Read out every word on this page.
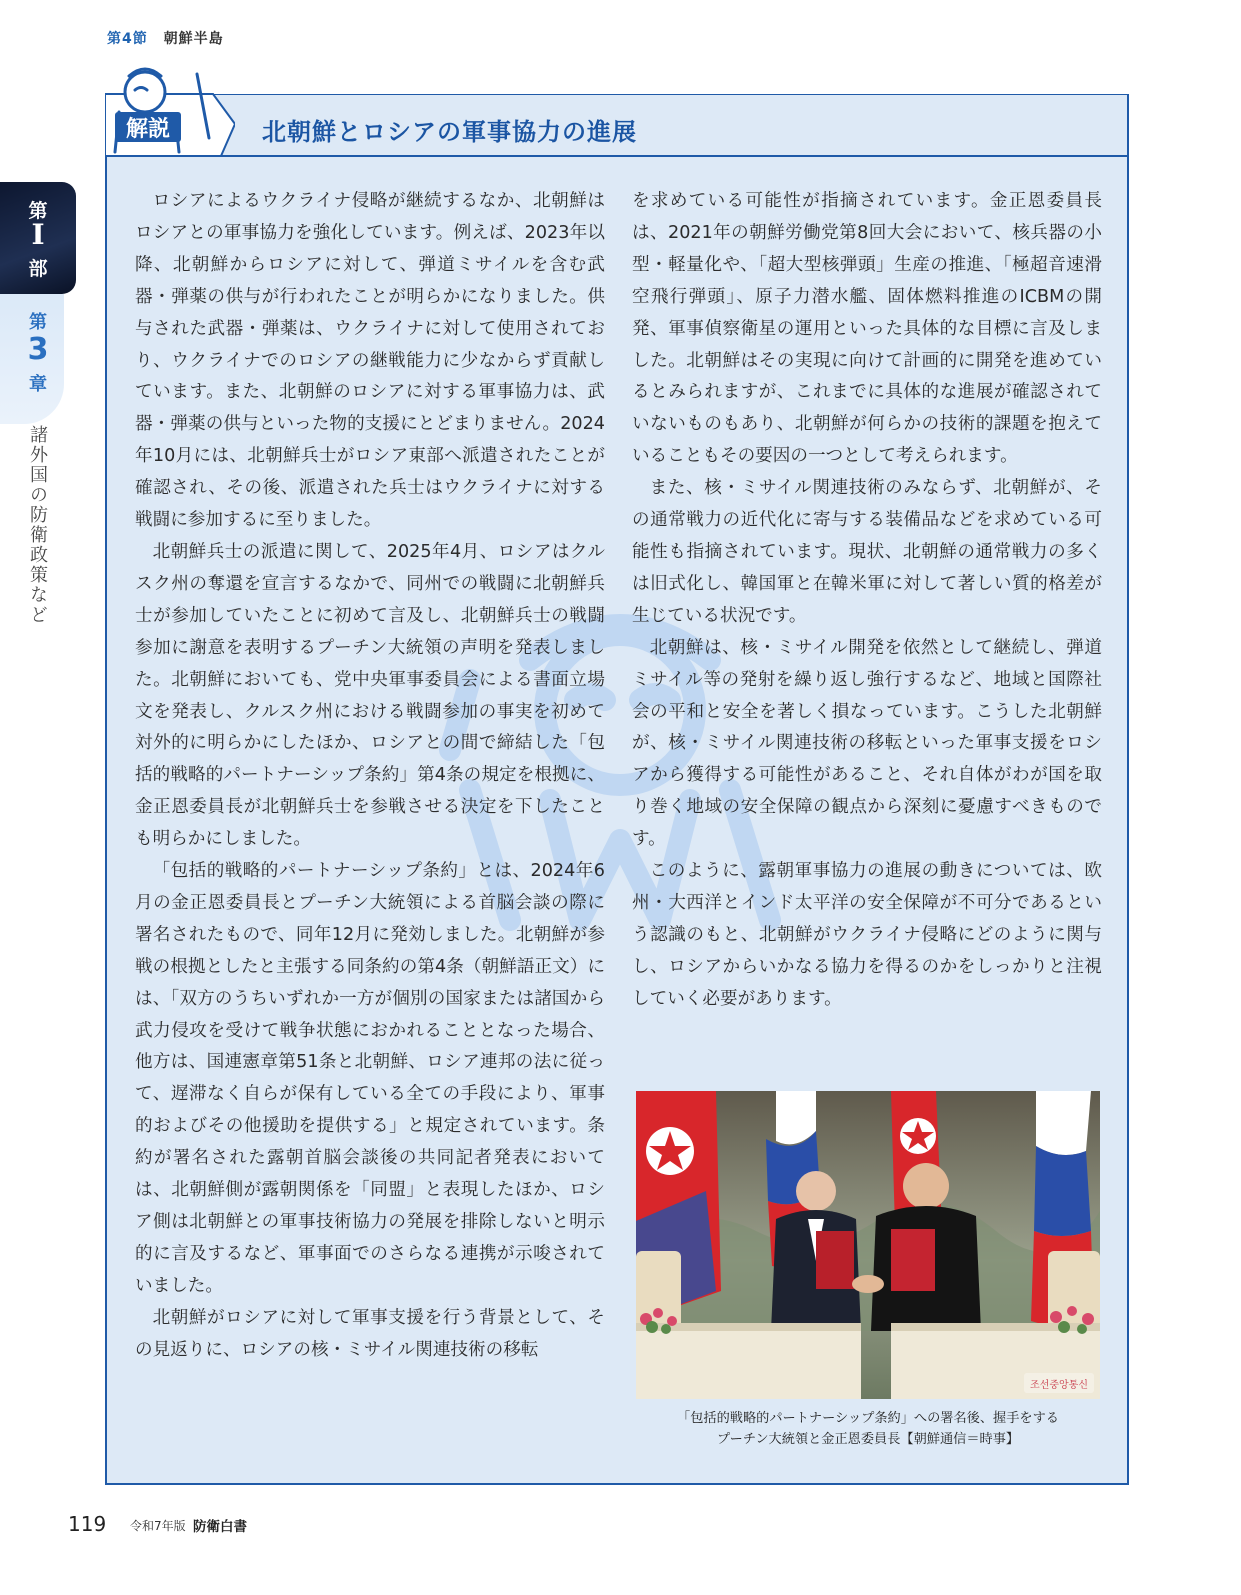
第4節 朝鮮半島
第
I
部
第
3
章
諸外国の防衛政策など
解説	北朝鮮とロシアの軍事協力の進展

ロシアによるウクライナ侵略が継続するなか、北朝鮮はロシアとの軍事協力を強化しています。例えば、2023年以降、北朝鮮からロシアに対して、弾道ミサイルを含む武器・弾薬の供与が行われたことが明らかになりました。供与された武器・弾薬は、ウクライナに対して使用されており、ウクライナでのロシアの継戦能力に少なからず貢献しています。また、北朝鮮のロシアに対する軍事協力は、武器・弾薬の供与といった物的支援にとどまりません。2024年10月には、北朝鮮兵士がロシア東部へ派遣されたことが確認され、その後、派遣された兵士はウクライナに対する戦闘に参加するに至りました。

北朝鮮兵士の派遣に関して、2025年4月、ロシアはクルスク州の奪還を宣言するなかで、同州での戦闘に北朝鮮兵士が参加していたことに初めて言及し、北朝鮮兵士の戦闘参加に謝意を表明するプーチン大統領の声明を発表しました。北朝鮮においても、党中央軍事委員会による書面立場文を発表し、クルスク州における戦闘参加の事実を初めて対外的に明らかにしたほか、ロシアとの間で締結した「包括的戦略的パートナーシップ条約」第4条の規定を根拠に、金正恩委員長が北朝鮮兵士を参戦させる決定を下したことも明らかにしました。

「包括的戦略的パートナーシップ条約」とは、2024年6月の金正恩委員長とプーチン大統領による首脳会談の際に署名されたもので、同年12月に発効しました。北朝鮮が参戦の根拠としたと主張する同条約の第4条（朝鮮語正文）には、「双方のうちいずれか一方が個別の国家または諸国から武力侵攻を受けて戦争状態におかれることとなった場合、他方は、国連憲章第51条と北朝鮮、ロシア連邦の法に従って、遅滞なく自らが保有している全ての手段により、軍事的およびその他援助を提供する」と規定されています。条約が署名された露朝首脳会談後の共同記者発表においては、北朝鮮側が露朝関係を「同盟」と表現したほか、ロシア側は北朝鮮との軍事技術協力の発展を排除しないと明示的に言及するなど、軍事面でのさらなる連携が示唆されていました。

北朝鮮がロシアに対して軍事支援を行う背景として、その見返りに、ロシアの核・ミサイル関連技術の移転

を求めている可能性が指摘されています。金正恩委員長は、2021年の朝鮮労働党第8回大会において、核兵器の小型・軽量化や、「超大型核弾頭」生産の推進、「極超音速滑空飛行弾頭」、原子力潜水艦、固体燃料推進のICBMの開発、軍事偵察衛星の運用といった具体的な目標に言及しました。北朝鮮はその実現に向けて計画的に開発を進めているとみられますが、これまでに具体的な進展が確認されていないものもあり、北朝鮮が何らかの技術的課題を抱えていることもその要因の一つとして考えられます。

また、核・ミサイル関連技術のみならず、北朝鮮が、その通常戦力の近代化に寄与する装備品などを求めている可能性も指摘されています。現状、北朝鮮の通常戦力の多くは旧式化し、韓国軍と在韓米軍に対して著しい質的格差が生じている状況です。

北朝鮮は、核・ミサイル開発を依然として継続し、弾道ミサイル等の発射を繰り返し強行するなど、地域と国際社会の平和と安全を著しく損なっています。こうした北朝鮮が、核・ミサイル関連技術の移転といった軍事支援をロシアから獲得する可能性があること、それ自体がわが国を取り巻く地域の安全保障の観点から深刻に憂慮すべきものです。

このように、露朝軍事協力の進展の動きについては、欧州・大西洋とインド太平洋の安全保障が不可分であるという認識のもと、北朝鮮がウクライナ侵略にどのように関与し、ロシアからいかなる協力を得るのかをしっかりと注視していく必要があります。

조선중앙통신
「包括的戦略的パートナーシップ条約」への署名後、握手をする
プーチン大統領と金正恩委員長【朝鮮通信＝時事】
119 令和7年版 防衛白書
